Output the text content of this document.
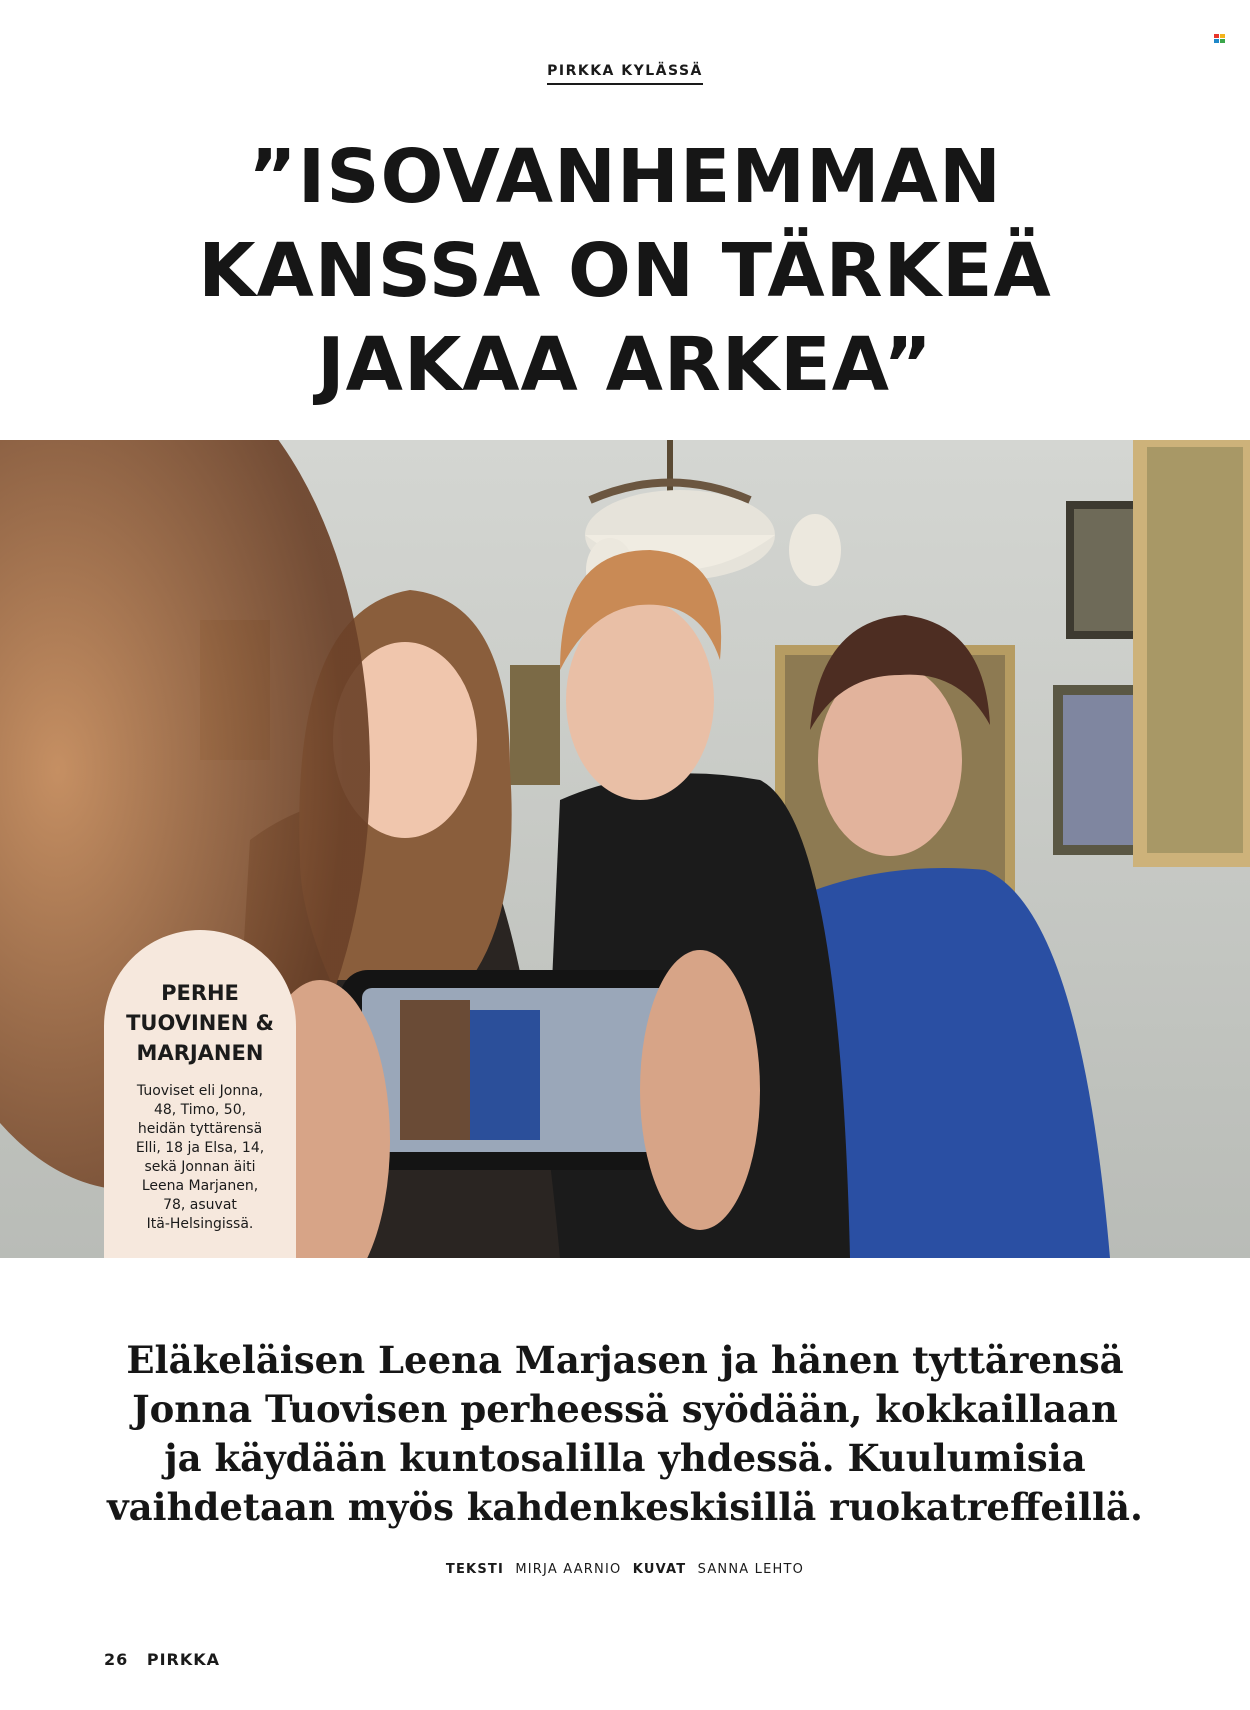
PIRKKA KYLÄSSÄ
”ISOVANHEMMAN
KANSSA ON TÄRKEÄ
JAKAA ARKEA”
PERHE
TUOVINEN &
MARJANEN
Tuoviset eli Jonna,
48, Timo, 50,
heidän tyttärensä
Elli, 18 ja Elsa, 14,
sekä Jonnan äiti
Leena Marjanen,
78, asuvat
Itä-Helsingissä.
Eläkeläisen Leena Marjasen ja hänen tyttärensä
Jonna Tuovisen perheessä syödään, kokkaillaan
ja käydään kuntosalilla yhdessä. Kuulumisia
vaihdetaan myös kahdenkeskisillä ruokatreffeillä.
TEKSTI MIRJA AARNIO KUVAT SANNA LEHTO
26 PIRKKA
